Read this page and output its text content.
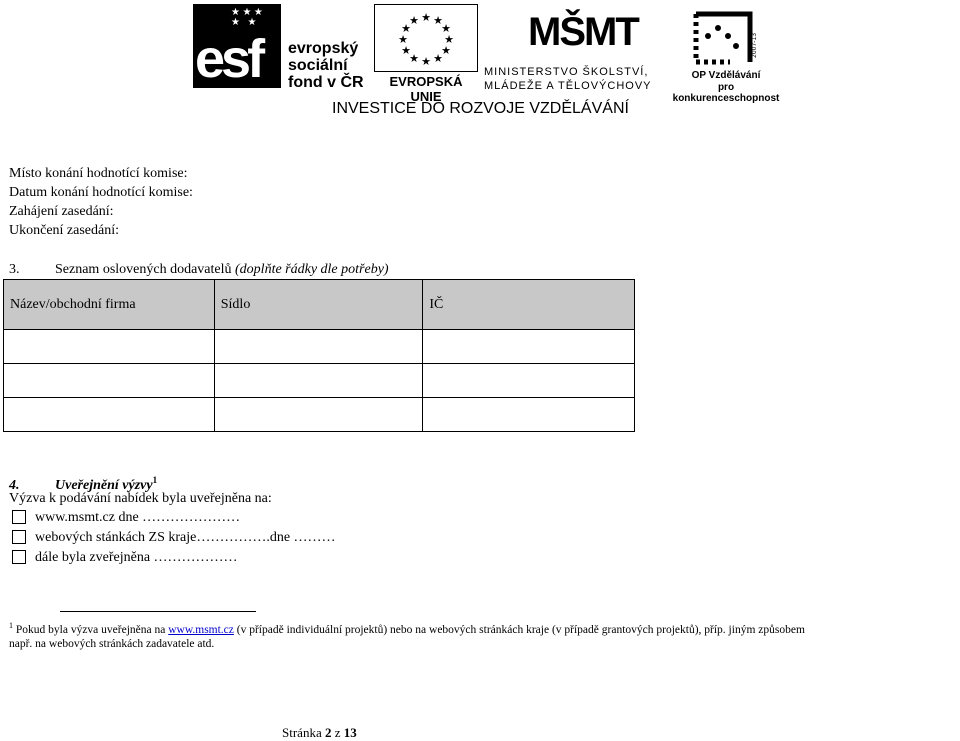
★ ★ ★
★   ★
esf evropský
sociální
fond v ČR
★ ★
★
★
★
★
★
★
★
★
★
★
EVROPSKÁ UNIE
MŠMT
MINISTERSTVO ŠKOLSTVÍ,
MLÁDEŽE A TĚLOVÝCHOVY
2007-13
OP Vzdělávání
pro konkurenceschopnost
INVESTICE DO ROZVOJE VZDĚLÁVÁNÍ
Místo konání hodnotící komise:
Datum konání hodnotící komise:
Zahájení zasedání:
Ukončení zasedání:
3.	Seznam oslovených dodavatelů (doplňte řádky dle potřeby)
Název/obchodní firma	Sídlo	IČ

4.	Uveřejnění výzvy$^1$
Výzva k podávání nabídek byla uveřejněna na:
www.msmt.cz dne …………………
webových stánkách ZS kraje…………….dne ………
dále byla zveřejněna ………………
$^1$ Pokud byla výzva uveřejněna na www.msmt.cz (v případě individuální projektů) nebo na webových stránkách kraje (v případě grantových projektů), příp. jiným způsobem
např. na webových stránkách zadavatele atd.
Stránka 2 z 13
